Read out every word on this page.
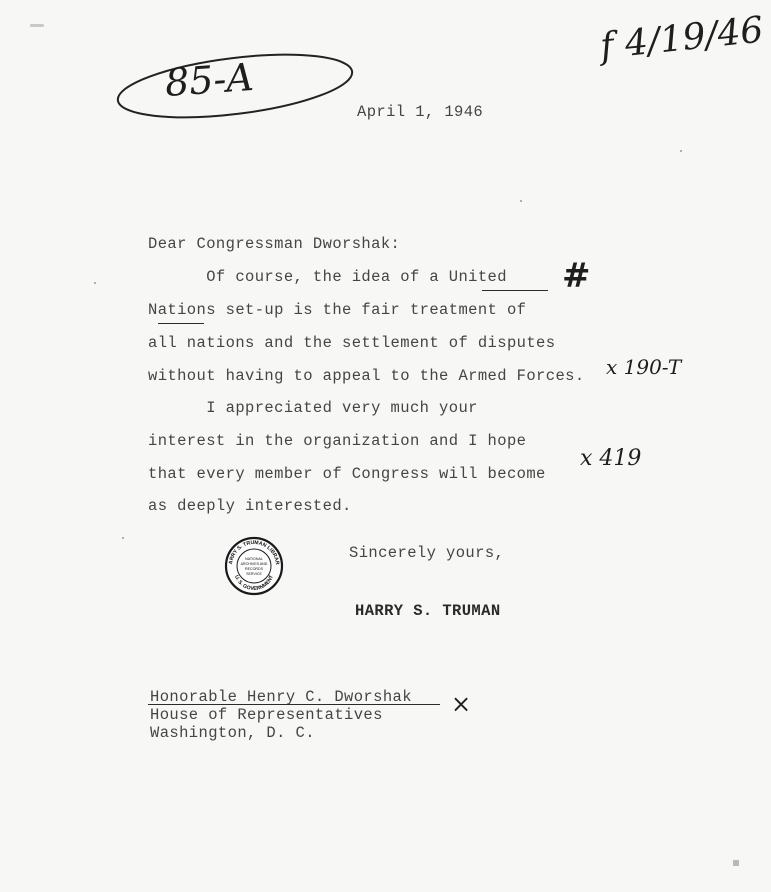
85-A
f 4/19/46
April 1, 1946
Dear Congressman Dworshak:
Of course, the idea of a United
Nations set-up is the fair treatment of
all nations and the settlement of disputes
without having to appeal to the Armed Forces.
I appreciated very much your
interest in the organization and I hope
that every member of Congress will become
as deeply interested.
#
x 190-T
x 419
Sincerely yours,
ARRY S. TRUMAN LIBRAR
U. S. GOVERNMENT
NATIONAL
ARCHIVES AND
RECORDS
SERVICE
HARRY S. TRUMAN
Honorable Henry C. Dworshak ×
House of Representatives
Washington, D. C.
